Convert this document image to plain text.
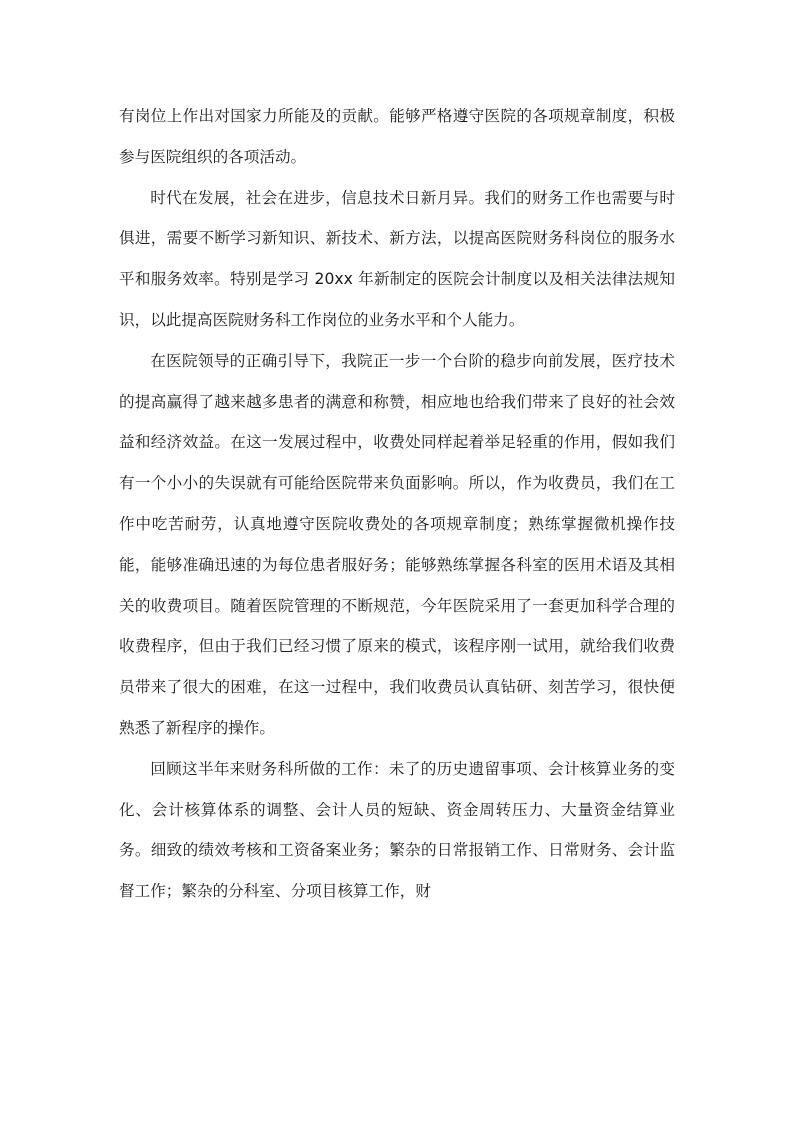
有岗位上作出对国家力所能及的贡献。能够严格遵守医院的各项规章制度，积极参与医院组织的各项活动。

时代在发展，社会在进步，信息技术日新月异。我们的财务工作也需要与时俱进，需要不断学习新知识、新技术、新方法，以提高医院财务科岗位的服务水平和服务效率。特别是学习 20xx 年新制定的医院会计制度以及相关法律法规知识，以此提高医院财务科工作岗位的业务水平和个人能力。

在医院领导的正确引导下，我院正一步一个台阶的稳步向前发展，医疗技术的提高赢得了越来越多患者的满意和称赞，相应地也给我们带来了良好的社会效益和经济效益。在这一发展过程中，收费处同样起着举足轻重的作用，假如我们有一个小小的失误就有可能给医院带来负面影响。所以，作为收费员，我们在工作中吃苦耐劳，认真地遵守医院收费处的各项规章制度；熟练掌握微机操作技能，能够准确迅速的为每位患者服好务；能够熟练掌握各科室的医用术语及其相关的收费项目。随着医院管理的不断规范，今年医院采用了一套更加科学合理的收费程序，但由于我们已经习惯了原来的模式，该程序刚一试用，就给我们收费员带来了很大的困难，在这一过程中，我们收费员认真钻研、刻苦学习，很快便熟悉了新程序的操作。

回顾这半年来财务科所做的工作：未了的历史遗留事项、会计核算业务的变化、会计核算体系的调整、会计人员的短缺、资金周转压力、大量资金结算业务。细致的绩效考核和工资备案业务；繁杂的日常报销工作、日常财务、会计监督工作；繁杂的分科室、分项目核算工作，财
